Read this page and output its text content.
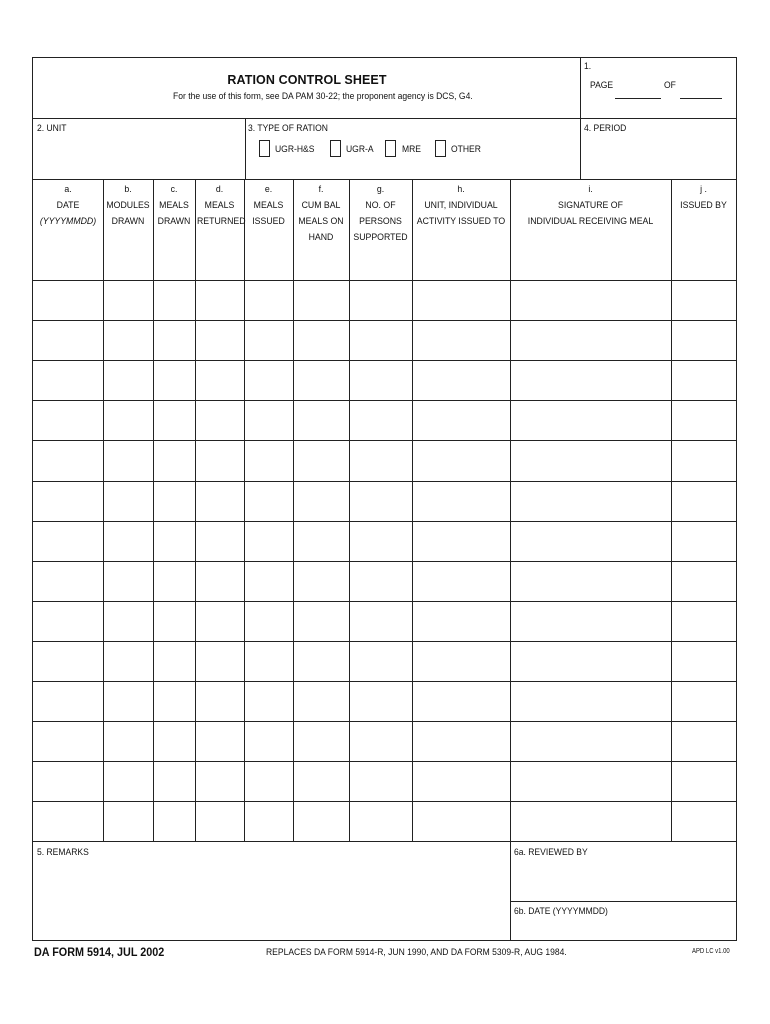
RATION CONTROL SHEET
For the use of this form, see DA PAM 30-22; the proponent agency is DCS, G4.
1.
PAGE	OF
2. UNIT	3. TYPE OF RATION
UGR-H&S	UGR-A	MRE	OTHER
4. PERIOD
a.
DATE
(YYYYMMDD)
b.
MODULES
DRAWN
c.
MEALS
DRAWN
d.
MEALS
RETURNED
e.
MEALS
ISSUED
f.
CUM BAL
MEALS ON
HAND
g.
NO. OF
PERSONS
SUPPORTED
h.
UNIT, INDIVIDUAL
ACTIVITY ISSUED TO
i.
SIGNATURE OF
INDIVIDUAL RECEIVING MEAL
j .
ISSUED BY
5. REMARKS	6a. REVIEWED BY
6b. DATE (YYYYMMDD)
DA FORM 5914, JUL 2002	REPLACES DA FORM 5914-R, JUN 1990, AND DA FORM 5309-R, AUG 1984.	APD LC v1.00
